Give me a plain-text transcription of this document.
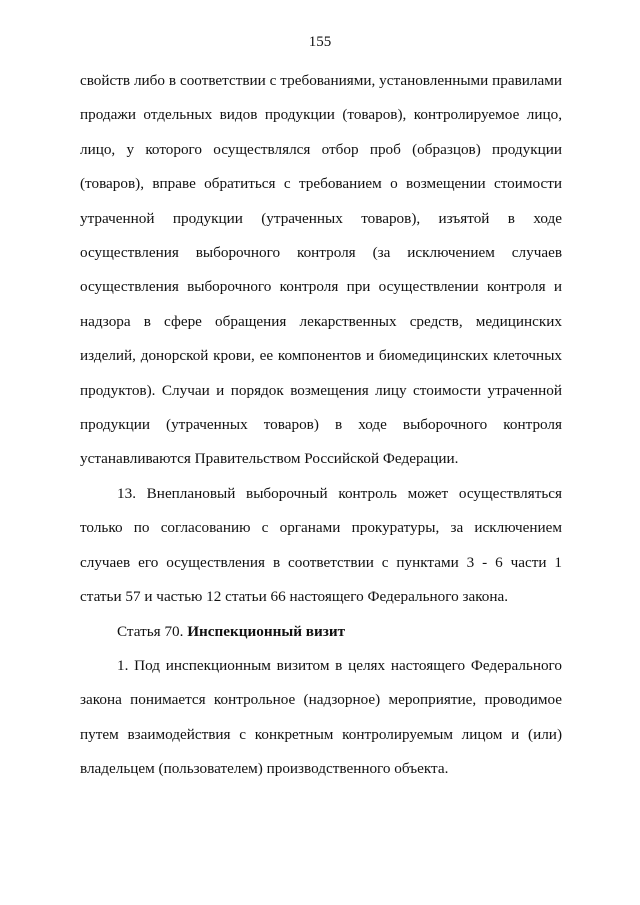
155

свойств либо в соответствии с требованиями, установленными правилами продажи отдельных видов продукции (товаров), контролируемое лицо, лицо, у которого осуществлялся отбор проб (образцов) продукции (товаров), вправе обратиться с требованием о возмещении стоимости утраченной продукции (утраченных товаров), изъятой в ходе осуществления выборочного контроля (за исключением случаев осуществления выборочного контроля при осуществлении контроля и надзора в сфере обращения лекарственных средств, медицинских изделий, донорской крови, ее компонентов и биомедицинских клеточных продуктов). Случаи и порядок возмещения лицу стоимости утраченной продукции (утраченных товаров) в ходе выборочного контроля устанавливаются Правительством Российской Федерации.

13. Внеплановый выборочный контроль может осуществляться только по согласованию с органами прокуратуры, за исключением случаев его осуществления в соответствии с пунктами 3 - 6 части 1 статьи 57 и частью 12 статьи 66 настоящего Федерального закона.

Статья 70. Инспекционный визит

1. Под инспекционным визитом в целях настоящего Федерального закона понимается контрольное (надзорное) мероприятие, проводимое путем взаимодействия с конкретным контролируемым лицом и (или) владельцем (пользователем) производственного объекта.
